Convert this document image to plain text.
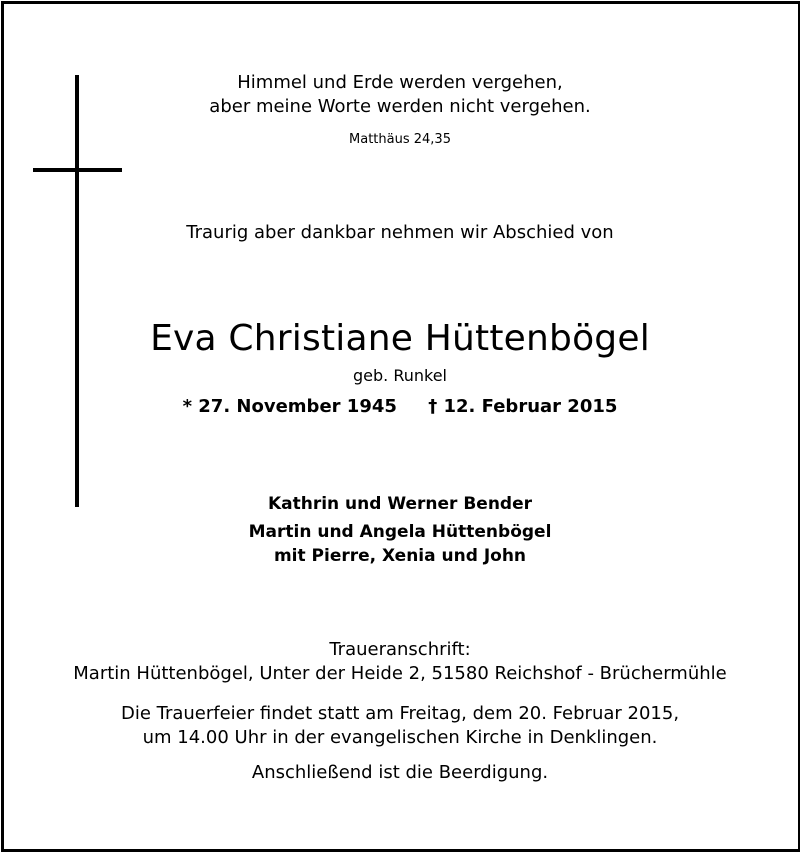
Himmel und Erde werden vergehen,
aber meine Worte werden nicht vergehen.
Matthäus 24,35
Traurig aber dankbar nehmen wir Abschied von
Eva Christiane Hüttenbögel
geb. Runkel
* 27. November 1945 † 12. Februar 2015
Kathrin und Werner Bender
Martin und Angela Hüttenbögel
mit Pierre, Xenia und John
Traueranschrift:
Martin Hüttenbögel, Unter der Heide 2, 51580 Reichshof - Brüchermühle
Die Trauerfeier findet statt am Freitag, dem 20. Februar 2015,
um 14.00 Uhr in der evangelischen Kirche in Denklingen.
Anschließend ist die Beerdigung.
